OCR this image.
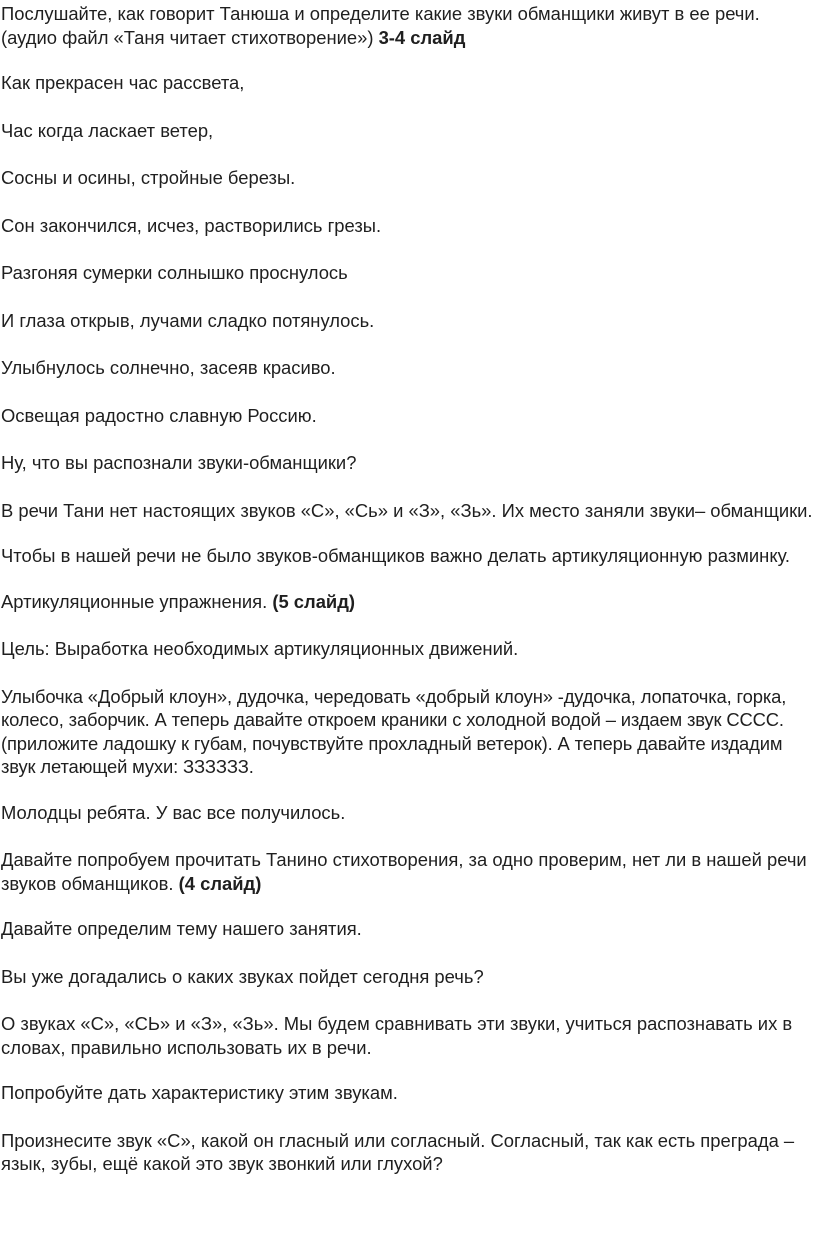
Послушайте, как говорит Танюша и определите какие звуки обманщики живут в ее речи. (аудио файл «Таня читает стихотворение») 3-4 слайд

Как прекрасен час рассвета,

Час когда ласкает ветер,

Сосны и осины, стройные березы.

Сон закончился, исчез, растворились грезы.

Разгоняя сумерки солнышко проснулось

И глаза открыв, лучами сладко потянулось.

Улыбнулось солнечно, засеяв красиво.

Освещая радостно славную Россию.

Ну, что вы распознали звуки-обманщики?

В речи Тани нет настоящих звуков «С», «Сь» и «З», «Зь». Их место заняли звуки– обманщики.

Чтобы в нашей речи не было звуков-обманщиков важно делать артикуляционную разминку.

Артикуляционные упражнения. (5 слайд)

Цель: Выработка необходимых артикуляционных движений.

Улыбочка «Добрый клоун», дудочка, чередовать «добрый клоун» -дудочка, лопаточка, горка, колесо, заборчик. А теперь давайте откроем краники с холодной водой – издаем звук СССС. (приложите ладошку к губам, почувствуйте прохладный ветерок). А теперь давайте издадим звук летающей мухи: ЗЗЗЗЗЗ.

Молодцы ребята. У вас все получилось.

Давайте попробуем прочитать Танино стихотворения, за одно проверим, нет ли в нашей речи звуков обманщиков. (4 слайд)

Давайте определим тему нашего занятия.

Вы уже догадались о каких звуках пойдет сегодня речь?

О звуках «С», «СЬ» и «З», «Зь». Мы будем сравнивать эти звуки, учиться распознавать их в словах, правильно использовать их в речи.

Попробуйте дать характеристику этим звукам.

Произнесите звук «С», какой он гласный или согласный. Согласный, так как есть преграда – язык, зубы, ещё какой это звук звонкий или глухой?
